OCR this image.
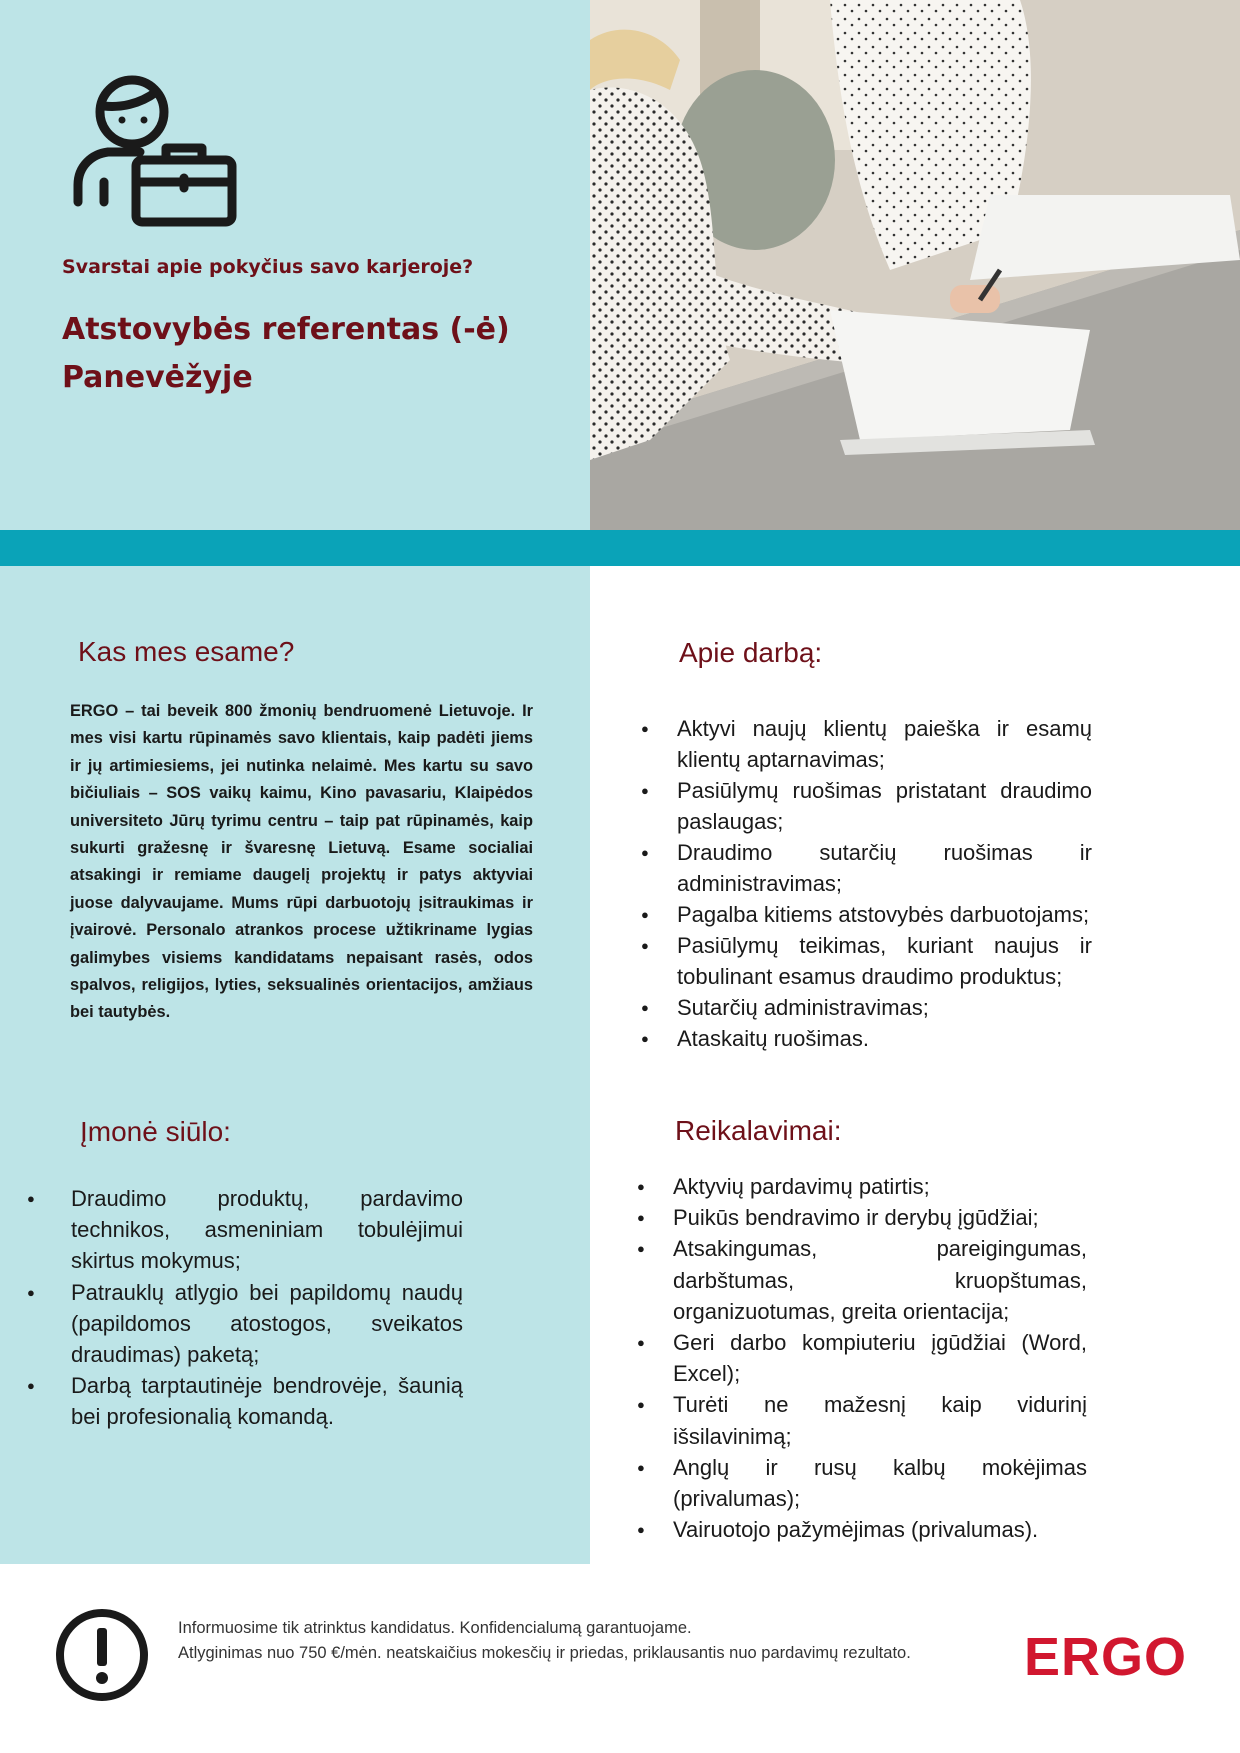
Svarstai apie pokyčius savo karjeroje?

Atstovybės referentas (-ė)
Panevėžyje
Kas mes esame?

ERGO – tai beveik 800 žmonių bendruomenė Lietuvoje. Ir mes visi kartu rūpinamės savo klientais, kaip padėti jiems ir jų artimiesiems, jei nutinka nelaimė. Mes kartu su savo bičiuliais – SOS vaikų kaimu, Kino pavasariu, Klaipėdos universiteto Jūrų tyrimu centru – taip pat rūpinamės, kaip sukurti gražesnę ir švaresnę Lietuvą. Esame socialiai atsakingi ir remiame daugelį projektų ir patys aktyviai juose dalyvaujame. Mums rūpi darbuotojų įsitraukimas ir įvairovė. Personalo atrankos procese užtikriname lygias galimybes visiems kandidatams nepaisant rasės, odos spalvos, religijos, lyties, seksualinės orientacijos, amžiaus bei tautybės.

Įmonė siūlo:
● Draudimo produktų, pardavimo technikos, asmeniniam tobulėjimui skirtus mokymus;
● Patrauklų atlygio bei papildomų naudų (papildomos atostogos, sveikatos draudimas) paketą;
● Darbą tarptautinėje bendrovėje, šaunią bei profesionalią komandą.
Apie darbą:
● Aktyvi naujų klientų paieška ir esamų klientų aptarnavimas;
● Pasiūlymų ruošimas pristatant draudimo paslaugas;
● Draudimo sutarčių ruošimas ir administravimas;
● Pagalba kitiems atstovybės darbuotojams;
● Pasiūlymų teikimas, kuriant naujus ir tobulinant esamus draudimo produktus;
● Sutarčių administravimas;
● Ataskaitų ruošimas.
Reikalavimai:
● Aktyvių pardavimų patirtis;
● Puikūs bendravimo ir derybų įgūdžiai;
● Atsakingumas, pareigingumas, darbštumas, kruopštumas, organizuotumas, greita orientacija;
● Geri darbo kompiuteriu įgūdžiai (Word, Excel);
● Turėti ne mažesnį kaip vidurinį išsilavinimą;
● Anglų ir rusų kalbų mokėjimas (privalumas);
● Vairuotojo pažymėjimas (privalumas).

Informuosime tik atrinktus kandidatus. Konfidencialumą garantuojame.
Atlyginimas nuo 750 €/mėn. neatskaičius mokesčių ir priedas, priklausantis nuo pardavimų rezultato.	ERGO
